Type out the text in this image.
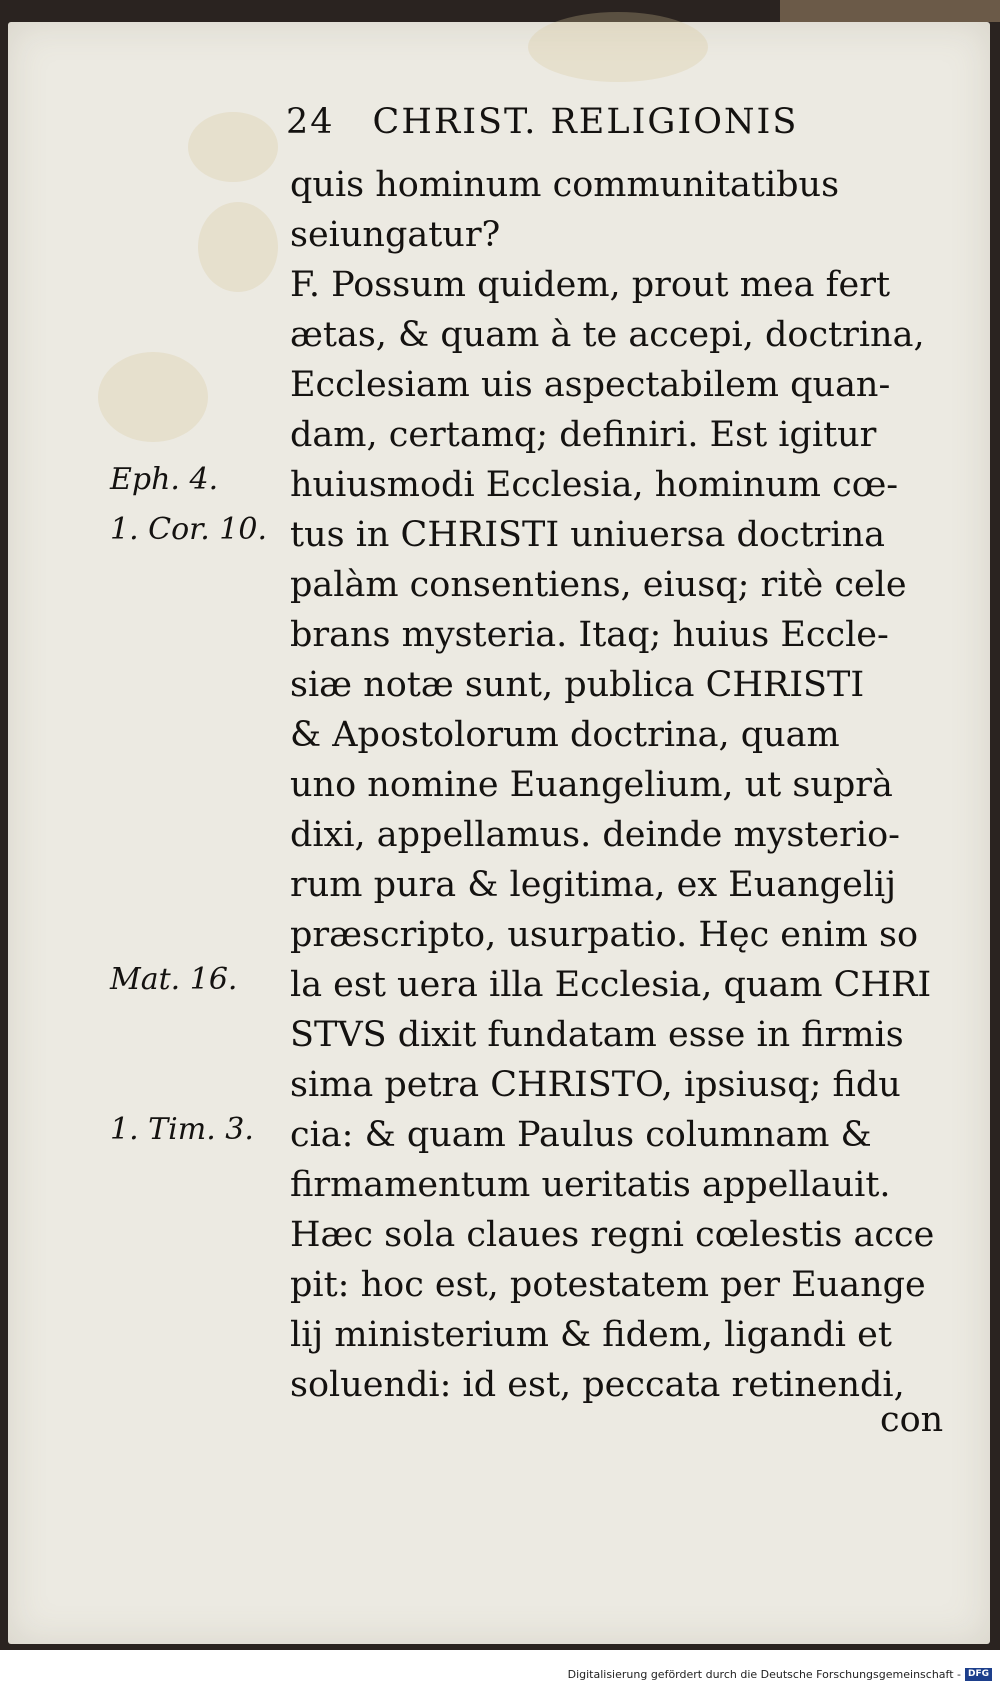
24 CHRIST. RELIGIONIS
quis hominum communitatibus
seiungatur?
F. Possum quidem, prout mea fert
ætas, & quam à te accepi, doctrina,
Ecclesiam uis aspectabilem quan-
dam, certamq; definiri. Est igitur
huiusmodi Ecclesia, hominum cœ-
tus in CHRISTI uniuersa doctrina
palàm consentiens, eiusq; ritè cele
brans mysteria. Itaq; huius Eccle-
siæ notæ sunt, publica CHRISTI
& Apostolorum doctrina, quam
uno nomine Euangelium, ut suprà
dixi, appellamus. deinde mysterio-
rum pura & legitima, ex Euangelij
præscripto, usurpatio. Hęc enim so
la est uera illa Ecclesia, quam CHRI
STVS dixit fundatam esse in firmis
sima petra CHRISTO, ipsiusq; fidu
cia: & quam Paulus columnam &
firmamentum ueritatis appellauit.
Hæc sola claues regni cœlestis acce
pit: hoc est, potestatem per Euange
lij ministerium & fidem, ligandi et
soluendi: id est, peccata retinendi,
con
Eph. 4.
1. Cor. 10.
Mat. 16.
1. Tim. 3.
Digitalisierung gefördert durch die Deutsche Forschungsgemeinschaft - DFG
